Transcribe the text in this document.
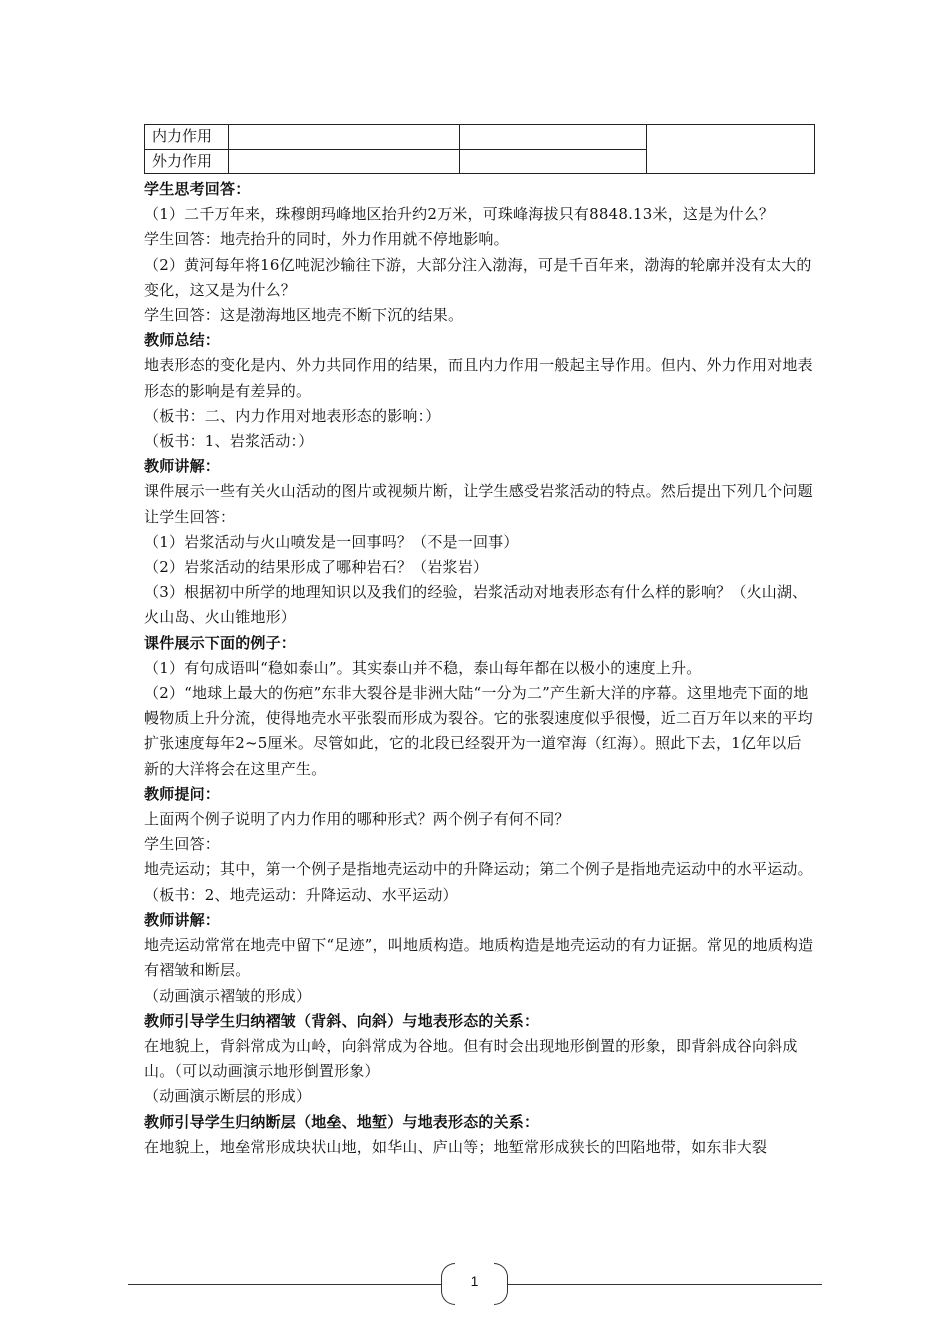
内力作用
外力作用

学生思考回答：

（1）二千万年来，珠穆朗玛峰地区抬升约2万米，可珠峰海拔只有8848.13米，这是为什么？

学生回答：地壳抬升的同时，外力作用就不停地影响。

（2）黄河每年将16亿吨泥沙输往下游，大部分注入渤海，可是千百年来，渤海的轮廓并没有太大的变化，这又是为什么？

学生回答：这是渤海地区地壳不断下沉的结果。

教师总结：

地表形态的变化是内、外力共同作用的结果，而且内力作用一般起主导作用。但内、外力作用对地表形态的影响是有差异的。

（板书：二、内力作用对地表形态的影响：）

（板书：1、岩浆活动：）

教师讲解：

课件展示一些有关火山活动的图片或视频片断，让学生感受岩浆活动的特点。然后提出下列几个问题让学生回答：

（1）岩浆活动与火山喷发是一回事吗？（不是一回事）

（2）岩浆活动的结果形成了哪种岩石？（岩浆岩）

（3）根据初中所学的地理知识以及我们的经验，岩浆活动对地表形态有什么样的影响？（火山湖、火山岛、火山锥地形）

课件展示下面的例子：

（1）有句成语叫“稳如泰山”。其实泰山并不稳，泰山每年都在以极小的速度上升。

（2）“地球上最大的伤疤”东非大裂谷是非洲大陆“一分为二”产生新大洋的序幕。这里地壳下面的地幔物质上升分流，使得地壳水平张裂而形成为裂谷。它的张裂速度似乎很慢，近二百万年以来的平均扩张速度每年2~5厘米。尽管如此，它的北段已经裂开为一道窄海（红海）。照此下去，1亿年以后新的大洋将会在这里产生。

教师提问：

上面两个例子说明了内力作用的哪种形式？两个例子有何不同？

学生回答：

地壳运动；其中，第一个例子是指地壳运动中的升降运动；第二个例子是指地壳运动中的水平运动。

（板书：2、地壳运动：升降运动、水平运动）

教师讲解：

地壳运动常常在地壳中留下“足迹”，叫地质构造。地质构造是地壳运动的有力证据。常见的地质构造有褶皱和断层。

（动画演示褶皱的形成）

教师引导学生归纳褶皱（背斜、向斜）与地表形态的关系：

在地貌上，背斜常成为山岭，向斜常成为谷地。但有时会出现地形倒置的形象，即背斜成谷向斜成山。（可以动画演示地形倒置形象）

（动画演示断层的形成）

教师引导学生归纳断层（地垒、地堑）与地表形态的关系：

在地貌上，地垒常形成块状山地，如华山、庐山等；地堑常形成狭长的凹陷地带，如东非大裂

1
